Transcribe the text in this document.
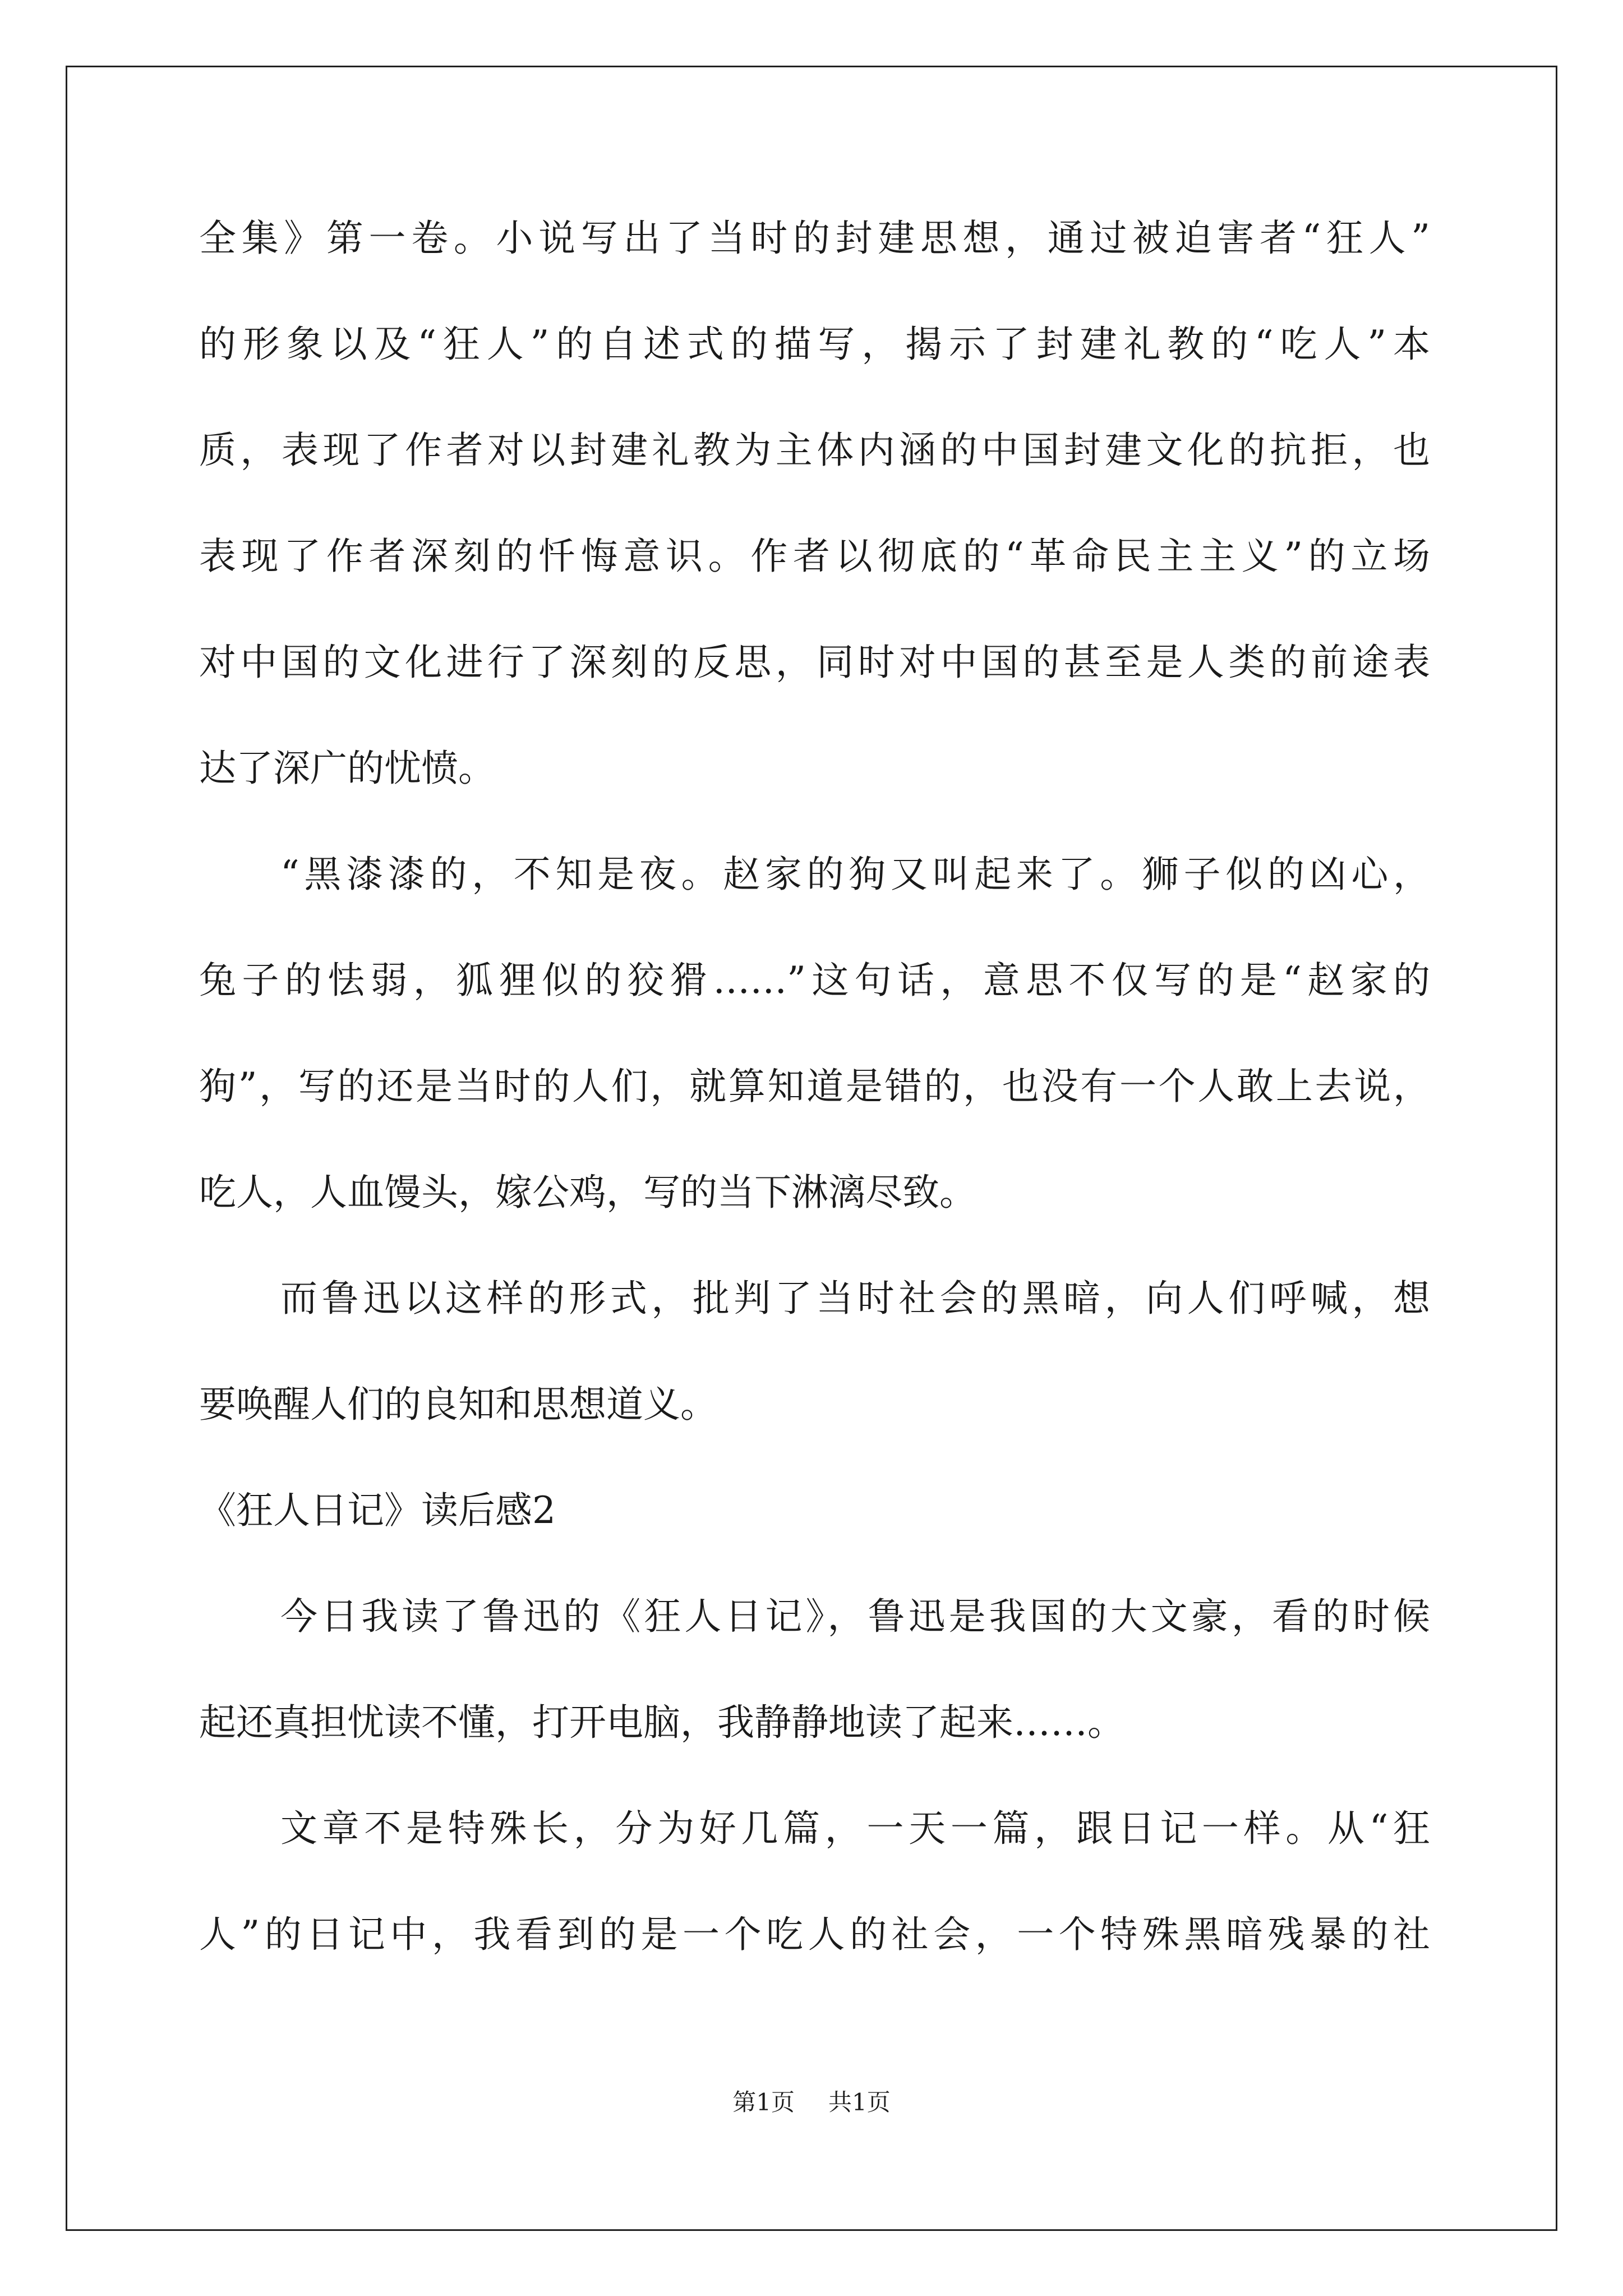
全集》第一卷。小说写出了当时的封建思想，通过被迫害者“狂人”
的形象以及“狂人”的自述式的描写，揭示了封建礼教的“吃人”本
质，表现了作者对以封建礼教为主体内涵的中国封建文化的抗拒，也
表现了作者深刻的忏悔意识。作者以彻底的“革命民主主义”的立场
对中国的文化进行了深刻的反思，同时对中国的甚至是人类的前途表
达了深广的忧愤。
“黑漆漆的，不知是夜。赵家的狗又叫起来了。狮子似的凶心，
兔子的怯弱，狐狸似的狡猾……”这句话，意思不仅写的是“赵家的
狗”，写的还是当时的人们，就算知道是错的，也没有一个人敢上去说，
吃人，人血馒头，嫁公鸡，写的当下淋漓尽致。
而鲁迅以这样的形式，批判了当时社会的黑暗，向人们呼喊，想
要唤醒人们的良知和思想道义。
《狂人日记》读后感2
今日我读了鲁迅的《狂人日记》，鲁迅是我国的大文豪，看的时候
起还真担忧读不懂，打开电脑，我静静地读了起来……。
文章不是特殊长，分为好几篇，一天一篇，跟日记一样。从“狂
人”的日记中，我看到的是一个吃人的社会，一个特殊黑暗残暴的社
第1页 共1页
